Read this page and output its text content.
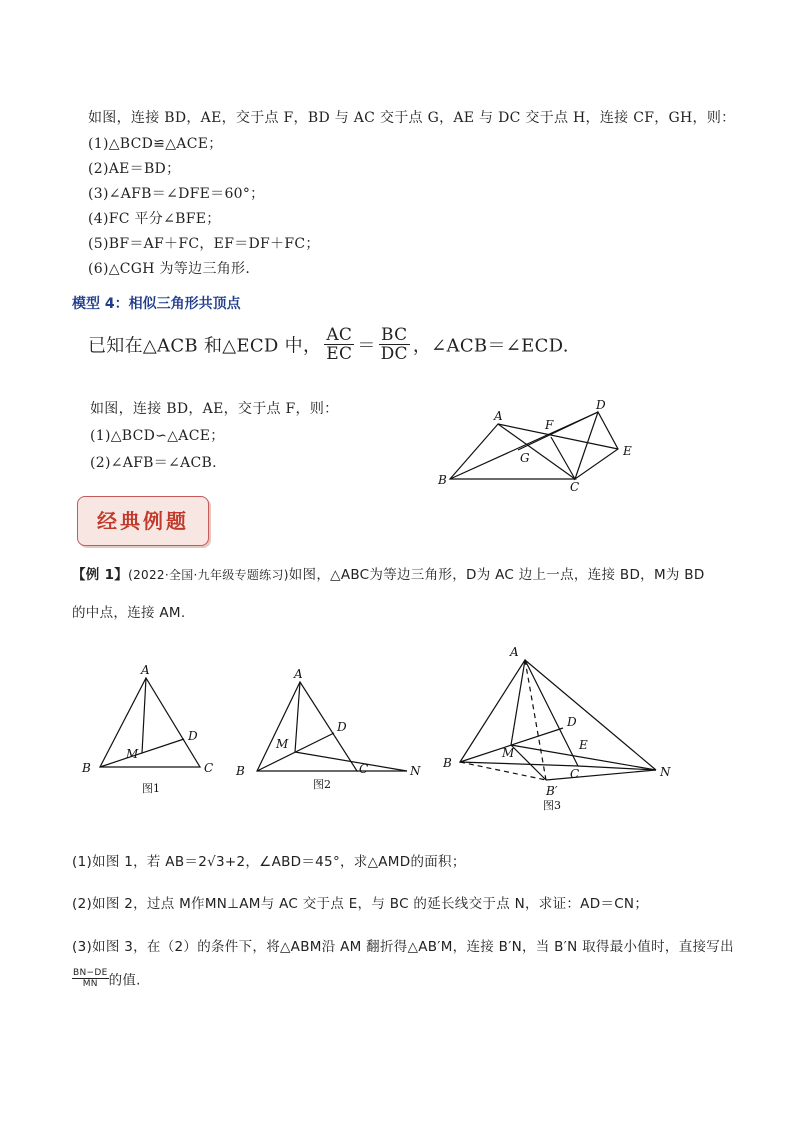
如图，连接 BD，AE，交于点 F，BD 与 AC 交于点 G，AE 与 DC 交于点 H，连接 CF，GH，则：
(1)△BCD≌△ACE；
(2)AE＝BD；
(3)∠AFB＝∠DFE＝60°；
(4)FC 平分∠BFE；
(5)BF＝AF＋FC，EF＝DF＋FC；
(6)△CGH 为等边三角形.
模型 4：相似三角形共顶点
已知在△ACB 和△ECD 中， $\frac{AC}{EC} = \frac{BC}{DC}$ ，∠ACB＝∠ECD.
如图，连接 BD，AE，交于点 F，则：
(1)△BCD∽△ACE；
(2)∠AFB＝∠ACB.
A
B	C
D
E
F
G
经典例题
【例 1】(2022·全国·九年级专题练习)如图，△ABC为等边三角形，D为 AC 边上一点，连接 BD，M为 BD
的中点，连接 AM.
A
B	C
D
M
图1
A
B	C
D
M
N
图2
A
B
C
D
E
M
N
B′
图3
(1)如图 1，若 AB＝2√3+2，∠ABD＝45°，求△AMD的面积；
(2)如图 2，过点 M作MN⊥AM与 AC 交于点 E，与 BC 的延长线交于点 N，求证：AD＝CN；
(3)如图 3，在（2）的条件下，将△ABM沿 AM 翻折得△AB′M，连接 B′N，当 B′N 取得最小值时，直接写出
$\frac{BN-DE}{MN}$ 的值.
